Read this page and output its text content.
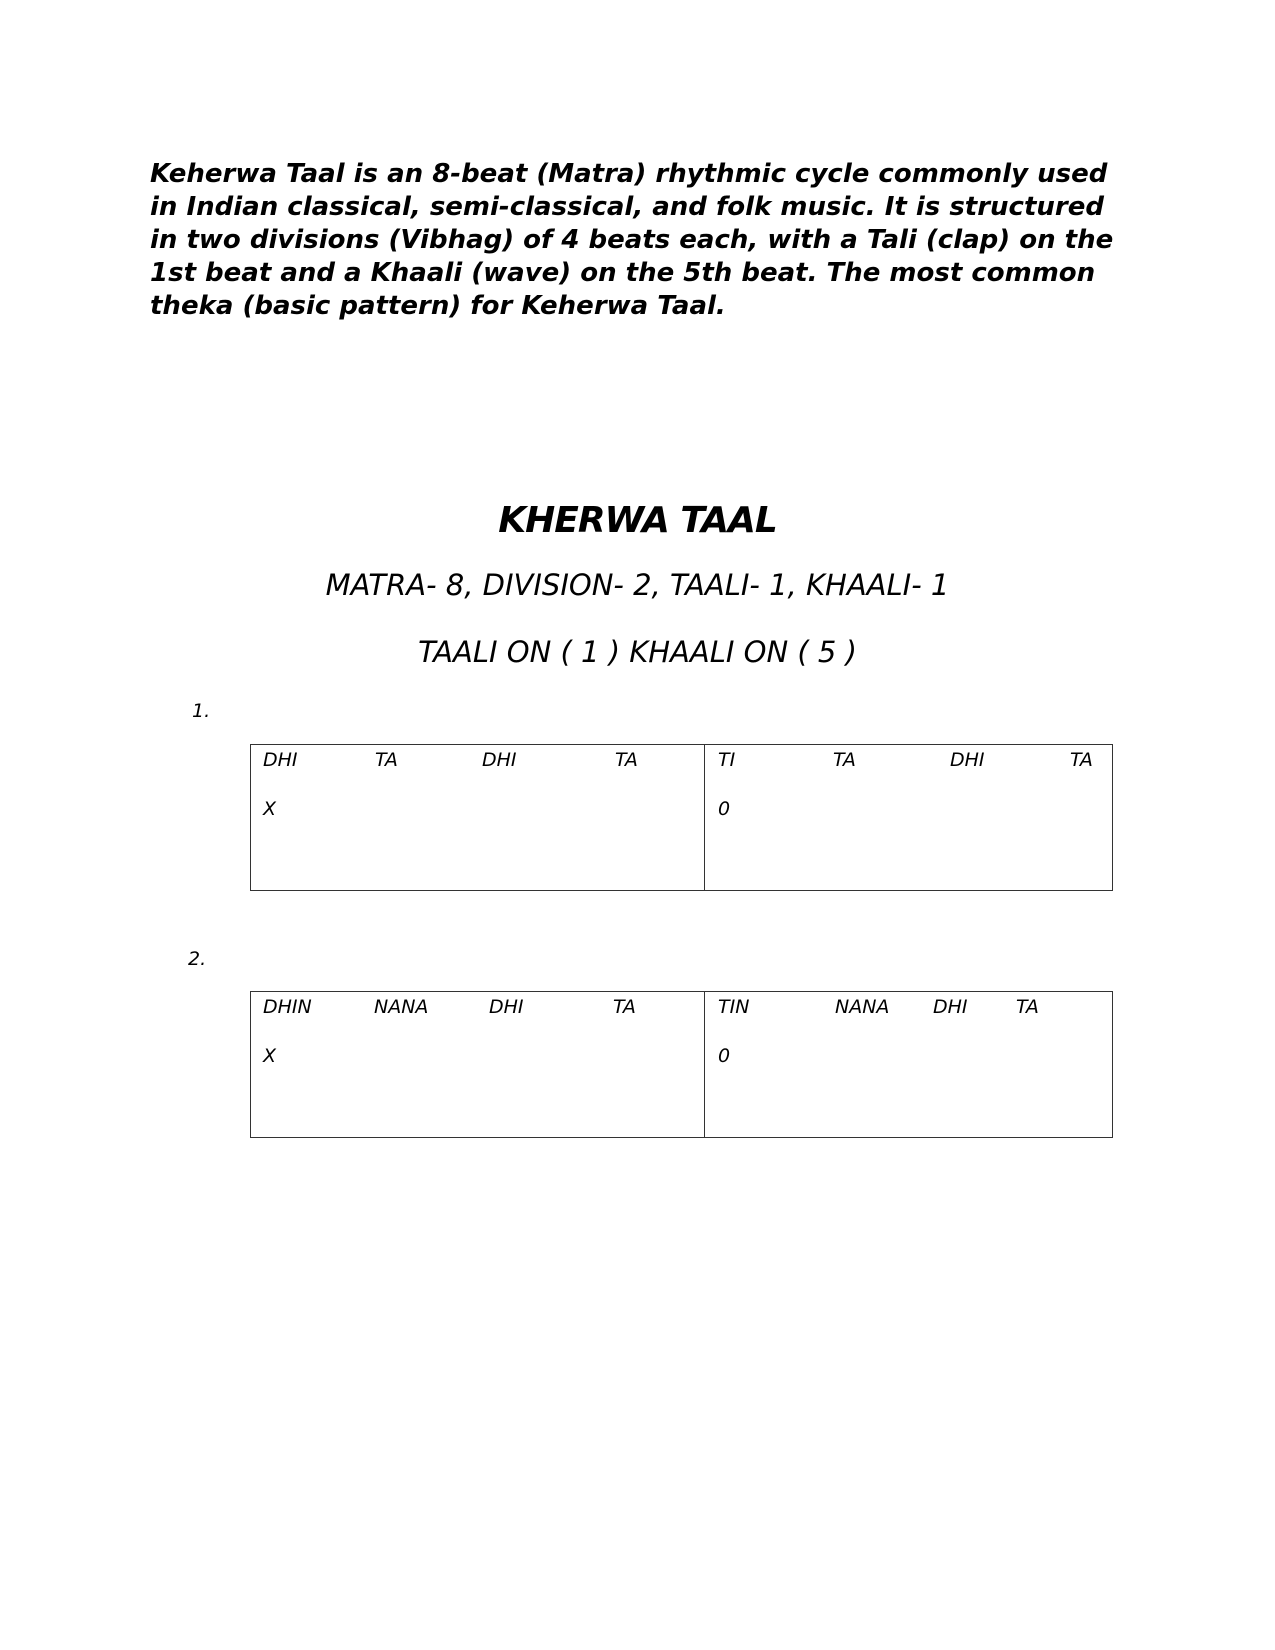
Keherwa Taal is an 8-beat (Matra) rhythmic cycle commonly used in Indian classical, semi-classical, and folk music. It is structured in two divisions (Vibhag) of 4 beats each, with a Tali (clap) on the 1st beat and a Khaali (wave) on the 5th beat. The most common theka (basic pattern) for Keherwa Taal.

KHERWA TAAL

MATRA- 8, DIVISION- 2, TAALI- 1, KHAALI- 1

TAALI ON ( 1 ) KHAALI ON ( 5 )

1.
DHI	TA	DHI	TA
X
TI	TA	DHI	TA
0
2.
DHIN	NANA	DHI	TA
X
TIN	NANA DHI	TA
0
